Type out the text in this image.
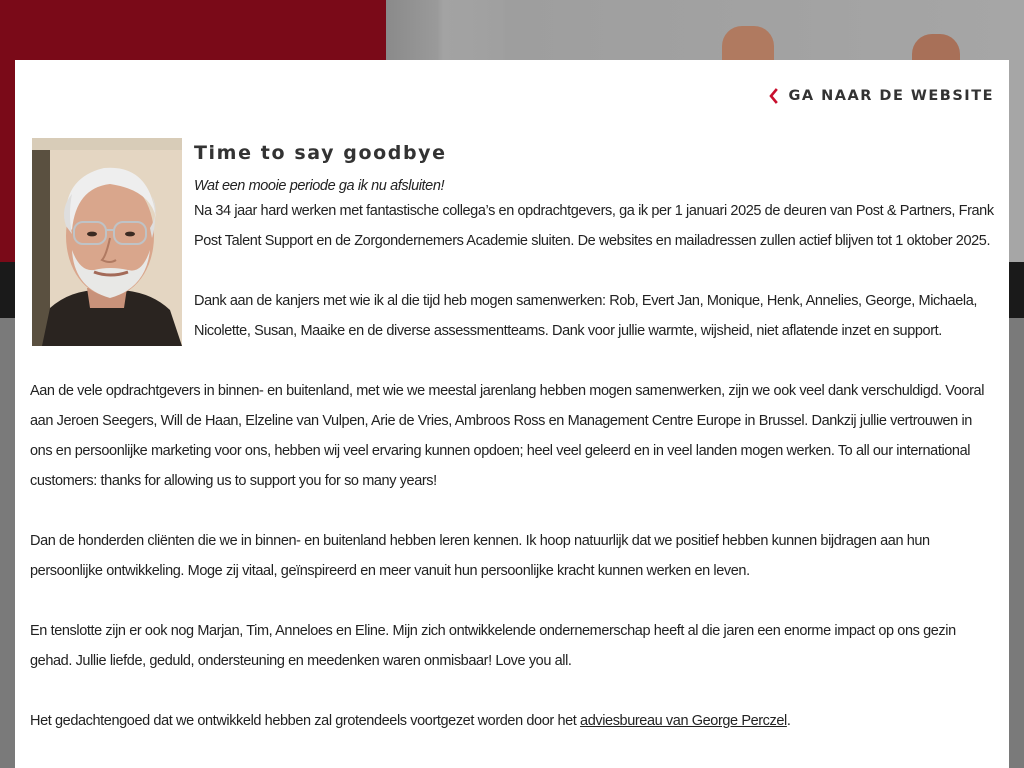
GA NAAR DE WEBSITE
Time to say goodbye

Wat een mooie periode ga ik nu afsluiten!

Na 34 jaar hard werken met fantastische collega’s en opdrachtgevers, ga ik per 1 januari 2025 de deuren van Post & Partners, Frank Post Talent Support en de Zorgondernemers Academie sluiten. De websites en mailadressen zullen actief blijven tot 1 oktober 2025.

Dank aan de kanjers met wie ik al die tijd heb mogen samenwerken: Rob, Evert Jan, Monique, Henk, Annelies, George, Michaela, Nicolette, Susan, Maaike en de diverse assessmentteams. Dank voor jullie warmte, wijsheid, niet aflatende inzet en support.

Aan de vele opdrachtgevers in binnen- en buitenland, met wie we meestal jarenlang hebben mogen samenwerken, zijn we ook veel dank verschuldigd. Vooral aan Jeroen Seegers, Will de Haan, Elzeline van Vulpen, Arie de Vries, Ambroos Ross en Management Centre Europe in Brussel. Dankzij jullie vertrouwen in ons en persoonlijke marketing voor ons, hebben wij veel ervaring kunnen opdoen; heel veel geleerd en in veel landen mogen werken. To all our international customers: thanks for allowing us to support you for so many years!

Dan de honderden cliënten die we in binnen- en buitenland hebben leren kennen. Ik hoop natuurlijk dat we positief hebben kunnen bijdragen aan hun persoonlijke ontwikkeling. Moge zij vitaal, geïnspireerd en meer vanuit hun persoonlijke kracht kunnen werken en leven.

En tenslotte zijn er ook nog Marjan, Tim, Anneloes en Eline. Mijn zich ontwikkelende ondernemerschap heeft al die jaren een enorme impact op ons gezin gehad. Jullie liefde, geduld, ondersteuning en meedenken waren onmisbaar! Love you all.

Het gedachtengoed dat we ontwikkeld hebben zal grotendeels voortgezet worden door het adviesbureau van George Perczel.
